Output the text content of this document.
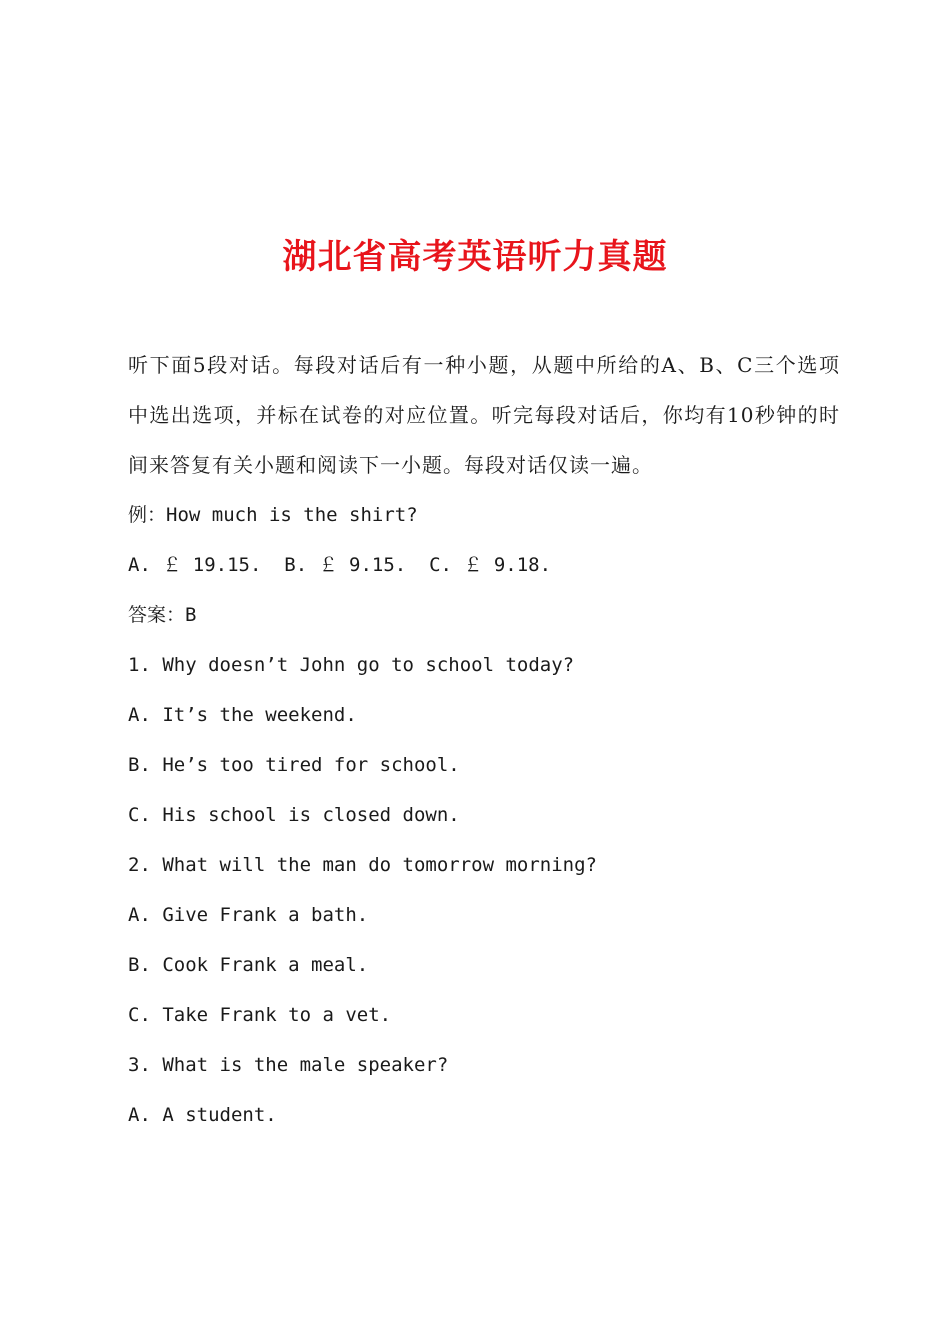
湖北省高考英语听力真题

听下面5段对话。每段对话后有一种小题，从题中所给的A、B、C三个选项中选出选项，并标在试卷的对应位置。听完每段对话后，你均有10秒钟的时间来答复有关小题和阅读下一小题。每段对话仅读一遍。

例：How much is the shirt?
A. ￡ 19.15.  B. ￡ 9.15.  C. ￡ 9.18.
答案：B
1. Why doesn’t John go to school today?
A. It’s the weekend.
B. He’s too tired for school.
C. His school is closed down.
2. What will the man do tomorrow morning?
A. Give Frank a bath.
B. Cook Frank a meal.
C. Take Frank to a vet.
3. What is the male speaker?
A. A student.
